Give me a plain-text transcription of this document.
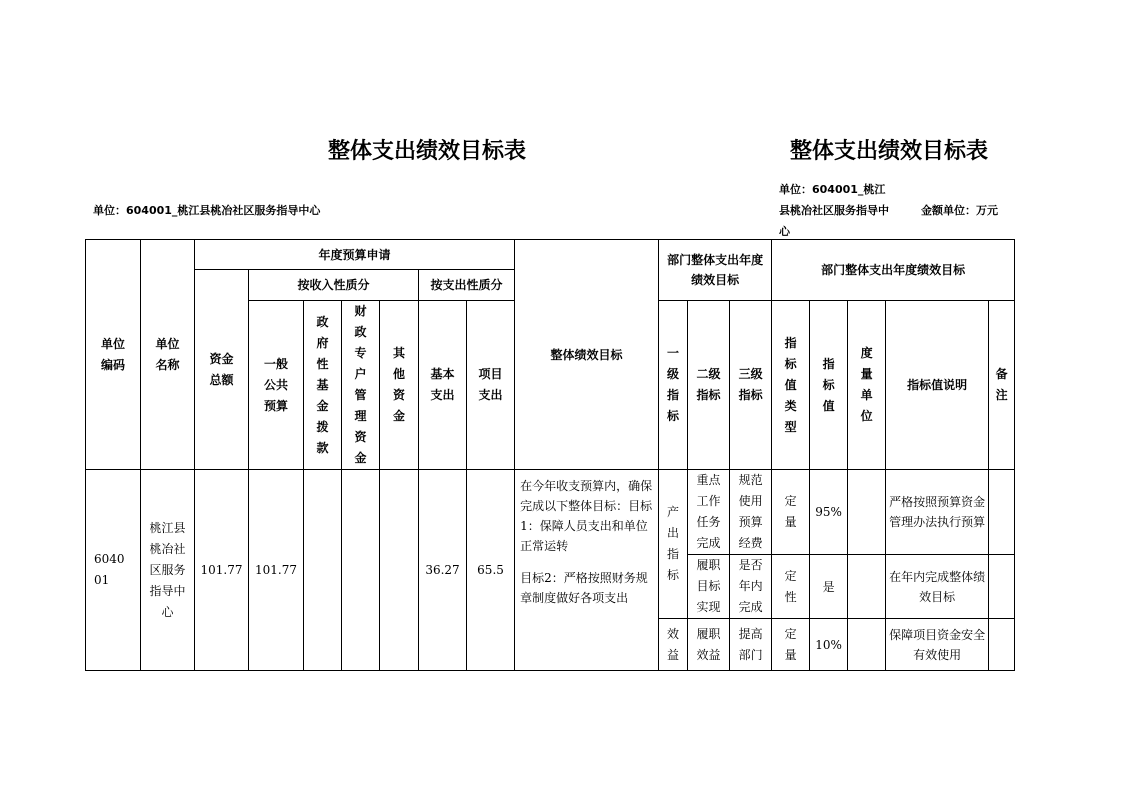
整体支出绩效目标表	整体支出绩效目标表
单位：604001_桃江县桃冶社区服务指导中心
单位：604001_桃江县桃冶社区服务指导中心
金额单位：万元
单位编码	单位名称	年度预算申请							整体绩效目标	部门整体支出年度绩效目标			部门整体支出年度绩效目标				

		资金总额	按收入性质分				按支出性质分										

			一般公共预算	政府性基金拨款	财政专户管理资金	其他资金	基本支出	项目支出		一级指标	二级指标	三级指标	指标值类型	指标值	度量单位	指标值说明	备注

604001	桃江县桃冶社区服务指导中心	101.77	101.77				36.27	65.5	在今年收支预算内，确保完成以下整体目标：目标1：保障人员支出和单位正常运转
目标2：严格按照财务规章制度做好各项支出	产出指标	重点工作任务完成	规范使用预算经费	定量	95%		严格按照预算资金管理办法执行预算	

											履职目标实现	是否年内完成	定性	是		在年内完成整体绩效目标	

										效益	履职效益	提高部门	定量	10%		保障项目资金安全有效使用	
